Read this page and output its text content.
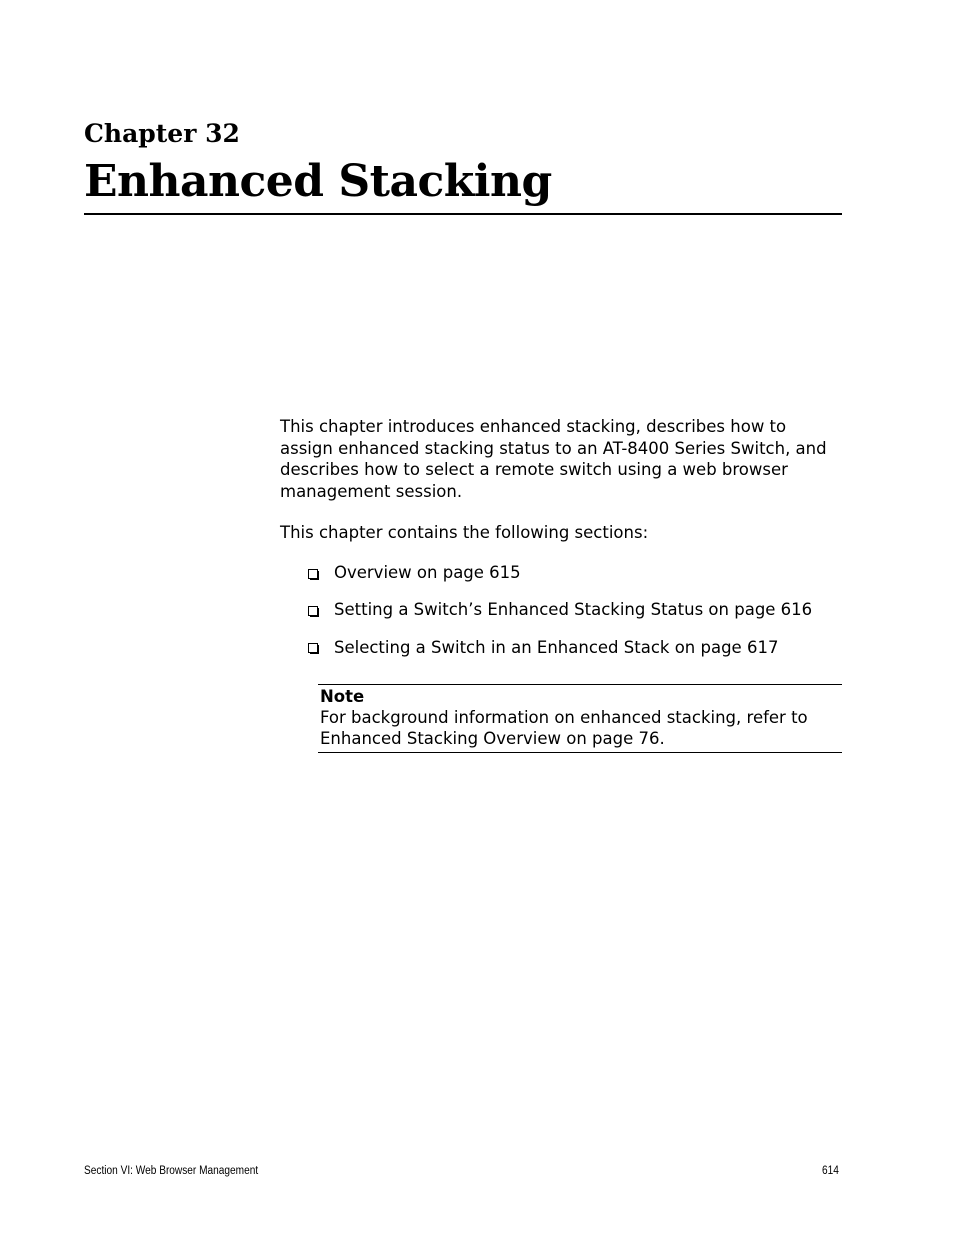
Chapter 32
Enhanced Stacking

This chapter introduces enhanced stacking, describes how to assign enhanced stacking status to an AT-8400 Series Switch, and describes how to select a remote switch using a web browser management session.

This chapter contains the following sections:

Overview on page 615
Setting a Switch’s Enhanced Stacking Status on page 616
Selecting a Switch in an Enhanced Stack on page 617
Note
For background information on enhanced stacking, refer to Enhanced Stacking Overview on page 76.
Section VI: Web Browser Management	614
